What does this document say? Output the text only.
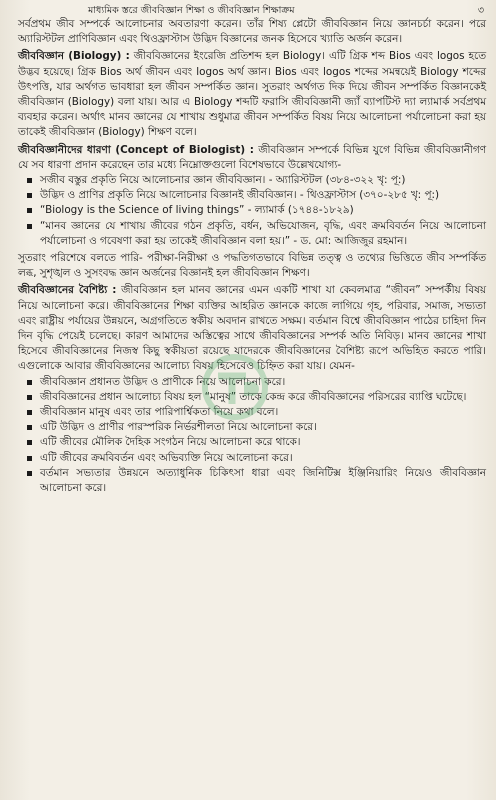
মাধ্যমিক স্তরে জীববিজ্ঞান শিক্ষা ও জীববিজ্ঞান শিক্ষাক্রম	৩

সর্বপ্রথম জীব সম্পর্কে আলোচনার অবতারণা করেন। তাঁর শিষ্য প্লেটো জীববিজ্ঞান নিয়ে জ্ঞানচর্চা করেন। পরে অ্যারিস্টটল প্রাণিবিজ্ঞান এবং থিওফ্রাস্টাস উদ্ভিদ বিজ্ঞানের জনক হিসেবে খ্যাতি অর্জন করেন।

জীববিজ্ঞান (Biology) : জীববিজ্ঞানের ইংরেজি প্রতিশব্দ হল Biology। এটি গ্রিক শব্দ Bios এবং logos হতে উদ্ভব হয়েছে। গ্রিক Bios অর্থ জীবন এবং logos অর্থ জ্ঞান। Bios এবং logos শব্দের সমন্বয়েই Biology শব্দের উৎপত্তি, যার অর্থগত ভাবধারা হল জীবন সম্পর্কিত জ্ঞান। সুতরাং অর্থগত দিক দিয়ে জীবন সম্পর্কিত বিজ্ঞানকেই জীববিজ্ঞান (Biology) বলা যায়। আর এ Biology শব্দটি ফরাসি জীববিজ্ঞানী জ্যাঁ ব্যাপটিস্ট দ্যা ল্যামার্ক সর্বপ্রথম ব্যবহার করেন। অর্থাৎ মানব জ্ঞানের যে শাখায় শুধুমাত্র জীবন সম্পর্কিত বিষয় নিয়ে আলোচনা পর্যালোচনা করা হয় তাকেই জীববিজ্ঞান (Biology) শিক্ষণ বলে।

জীববিজ্ঞানীদের ধারণা (Concept of Biologist) : জীববিজ্ঞান সম্পর্কে বিভিন্ন যুগে বিভিন্ন জীববিজ্ঞানীগণ যে সব ধারণা প্রদান করেছেন তার মধ্যে নিম্নোক্তগুলো বিশেষভাবে উল্লেখযোগ্য-

সজীব বস্তুর প্রকৃতি নিয়ে আলোচনার জ্ঞান জীববিজ্ঞান। - অ্যারিস্টটল (৩৮৪-৩২২ খৃ: পূ:)
উদ্ভিদ ও প্রাণির প্রকৃতি নিয়ে আলোচনার বিজ্ঞানই জীববিজ্ঞান। - থিওফ্রাস্টাস (৩৭০-২৮৫ খৃ: পূ:)
“Biology is the Science of living things” - ল্যামার্ক (১৭৪৪-১৮২৯)
“মানব জ্ঞানের যে শাখায় জীবের গঠন প্রকৃতি, বর্ধন, অভিযোজন, বৃদ্ধি, এবং ক্রমবিবর্তন নিয়ে আলোচনা পর্যালোচনা ও গবেষণা করা হয় তাকেই জীববিজ্ঞান বলা হয়।” - ড. মো: আজিজুর রহমান।

সুতরাং পরিশেষে বলতে পারি- পরীক্ষা-নিরীক্ষা ও পদ্ধতিগতভাবে বিভিন্ন তত্ত্ব ও তথ্যের ভিত্তিতে জীব সম্পর্কিত লব্ধ, সুশৃঙ্খল ও সুসংবদ্ধ জ্ঞান অর্জনের বিজ্ঞানই হল জীববিজ্ঞান শিক্ষণ।

জীববিজ্ঞানের বৈশিষ্ট্য : জীববিজ্ঞান হল মানব জ্ঞানের এমন একটি শাখা যা কেবলমাত্র “জীবন” সম্পর্কীয় বিষয় নিয়ে আলোচনা করে। জীববিজ্ঞানের শিক্ষা ব্যক্তির আহরিত জ্ঞানকে কাজে লাগিয়ে গৃহ, পরিবার, সমাজ, সভ্যতা এবং রাষ্ট্রীয় পর্যায়ের উন্নয়নে, অগ্রগতিতে স্বকীয় অবদান রাখতে সক্ষম। বর্তমান বিশ্বে জীববিজ্ঞান পাঠের চাহিদা দিন দিন বৃদ্ধি পেয়েই চলেছে। কারণ আমাদের অস্তিত্বের সাথে জীববিজ্ঞানের সম্পর্ক অতি নিবিড়। মানব জ্ঞানের শাখা হিসেবে জীববিজ্ঞানের নিজস্ব কিছু স্বকীয়তা রয়েছে যাদেরকে জীববিজ্ঞানের বৈশিষ্ট্য রূপে অভিহিত করতে পারি। এগুলোকে আবার জীববিজ্ঞানের আলোচ্য বিষয় হিসেবেও চিহ্নিত করা যায়। যেমন-

জীববিজ্ঞান প্রধানত উদ্ভিদ ও প্রাণীকে নিয়ে আলোচনা করে।
জীববিজ্ঞানের প্রধান আলোচ্য বিষয় হল “মানুষ” তাকে কেন্দ্র করে জীববিজ্ঞানের পরিসরের ব্যাপ্তি ঘটেছে।
জীববিজ্ঞান মানুষ এবং তার পারিপার্শ্বিকতা নিয়ে কথা বলে।
এটি উদ্ভিদ ও প্রাণীর পারস্পরিক নির্ভরশীলতা নিয়ে আলোচনা করে।
এটি জীবের মৌলিক দৈহিক সংগঠন নিয়ে আলোচনা করে থাকে।
এটি জীবের ক্রমবিবর্তন এবং অভিব্যক্তি নিয়ে আলোচনা করে।
বর্তমান সভ্যতার উন্নয়নে অত্যাধুনিক চিকিৎসা ধারা এবং জিনিটিক্স ইঞ্জিনিয়ারিং নিয়েও জীববিজ্ঞান আলোচনা করে।
